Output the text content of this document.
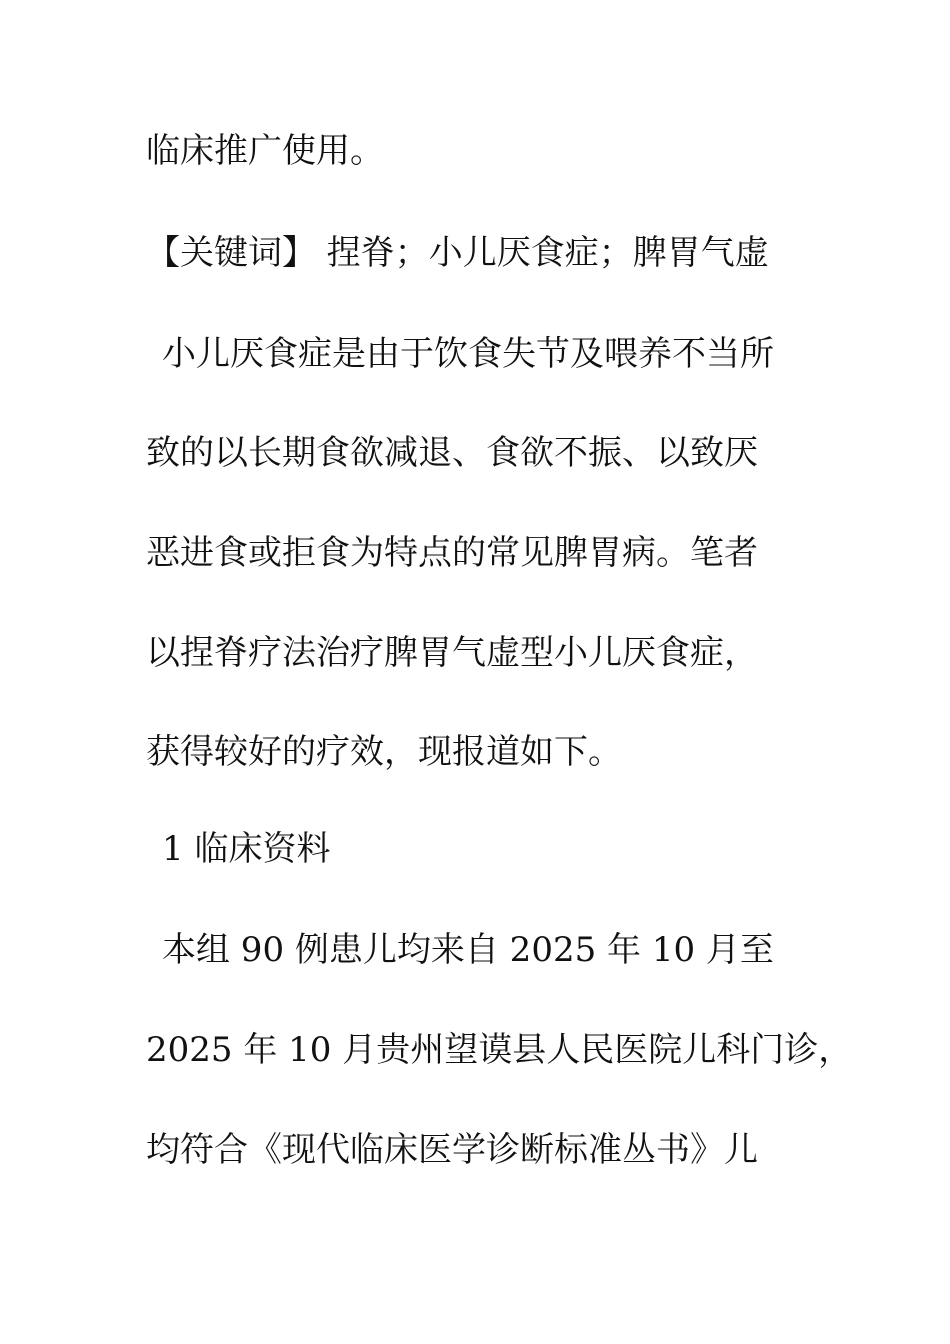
临床推广使用。
【关键词】 捏脊；小儿厌食症；脾胃气虚
小儿厌食症是由于饮食失节及喂养不当所
致的以长期食欲减退、食欲不振、以致厌
恶进食或拒食为特点的常见脾胃病。笔者
以捏脊疗法治疗脾胃气虚型小儿厌食症，
获得较好的疗效，现报道如下。
1 临床资料
本组 90 例患儿均来自 2025 年 10 月至
2025 年 10 月贵州望谟县人民医院儿科门诊，
均符合《现代临床医学诊断标准丛书》儿
